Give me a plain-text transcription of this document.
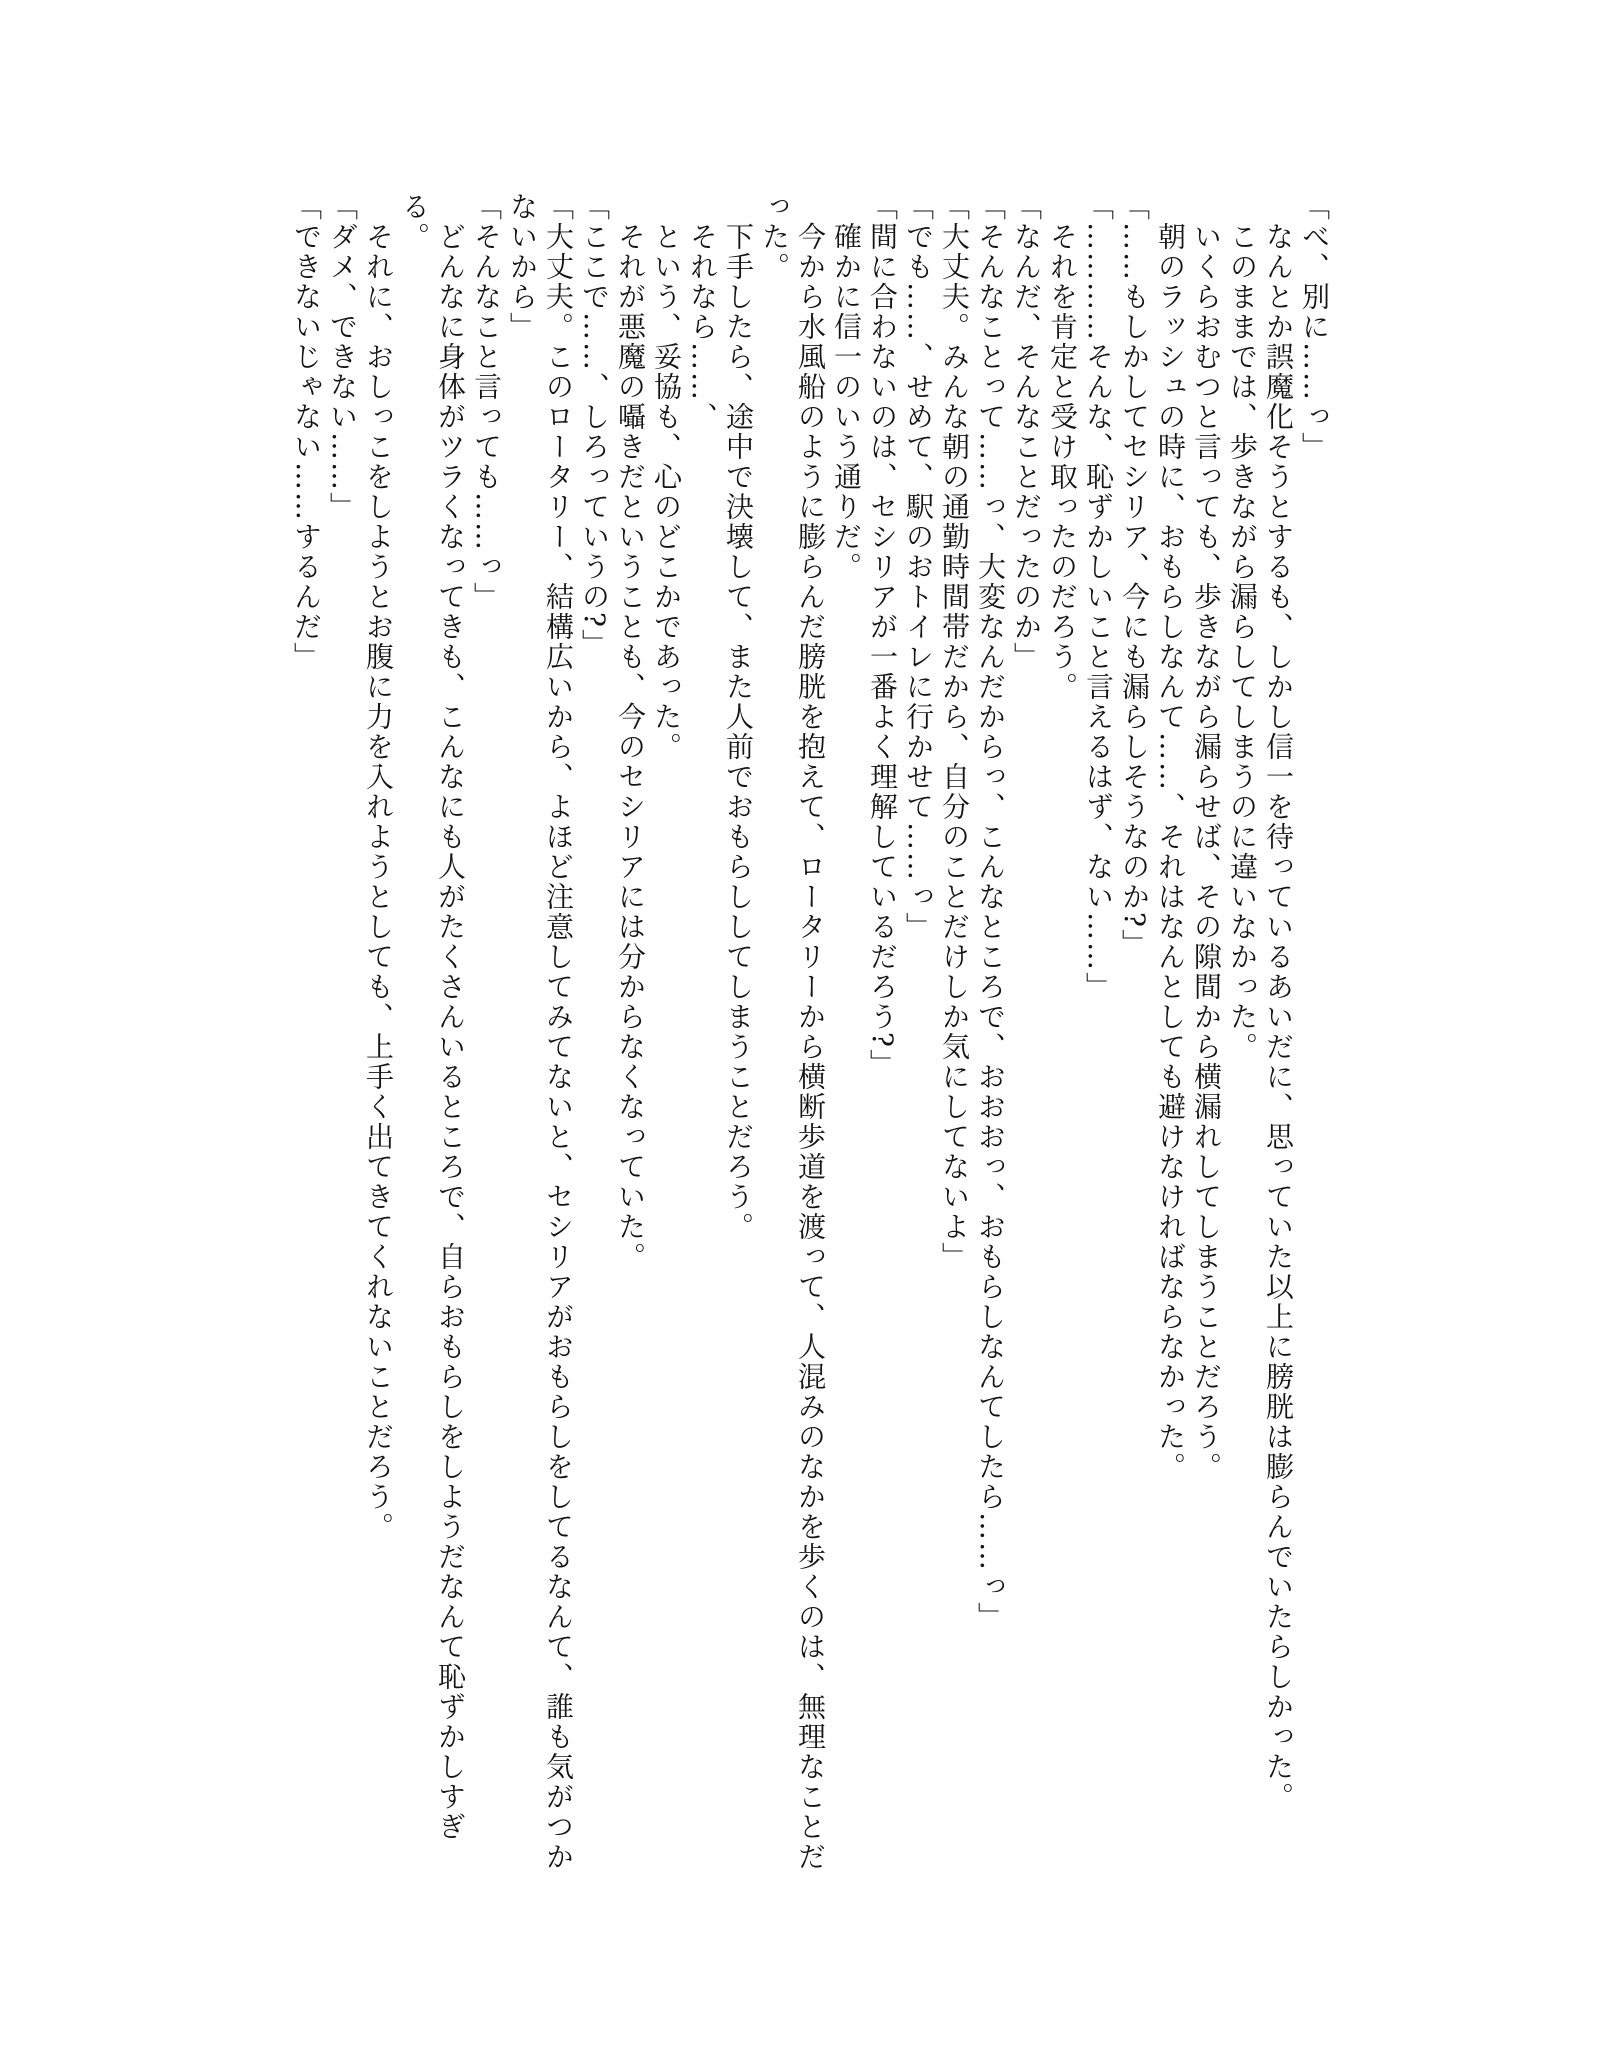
「べ、別に……っ」

なんとか誤魔化そうとするも、しかし信一を待っているあいだに、思っていた以上に膀胱は膨らんでいたらしかった。

このままでは、歩きながら漏らしてしまうのに違いなかった。

いくらおむつと言っても、歩きながら漏らせば、その隙間から横漏れしてしまうことだろう。

朝のラッシュの時に、おもらしなんて……、それはなんとしても避けなければならなかった。

「……もしかしてセシリア、今にも漏らしそうなのか?」

「…………そんな、恥ずかしいこと言えるはず、ない……」

それを肯定と受け取ったのだろう。

「なんだ、そんなことだったのか」

「そんなことって……っ、大変なんだからっ、こんなところで、おおおっ、おもらしなんてしたら……っ」

「大丈夫。みんな朝の通勤時間帯だから、自分のことだけしか気にしてないよ」

「でも……、せめて、駅のおトイレに行かせて……っ」

「間に合わないのは、セシリアが一番よく理解しているだろう?」

確かに信一のいう通りだ。

今から水風船のように膨らんだ膀胱を抱えて、ロータリーから横断歩道を渡って、人混みのなかを歩くのは、無理なことだった。

下手したら、途中で決壊して、また人前でおもらししてしまうことだろう。

それなら……、

という、妥協も、心のどこかであった。

それが悪魔の囁きだということも、今のセシリアには分からなくなっていた。

「ここで……、しろっていうの?」

「大丈夫。このロータリー、結構広いから、よほど注意してみてないと、セシリアがおもらしをしてるなんて、誰も気がつかないから」

「そんなこと言っても……っ」

どんなに身体がツラくなってきも、こんなにも人がたくさんいるところで、自らおもらしをしようだなんて恥ずかしすぎる。

それに、おしっこをしようとお腹に力を入れようとしても、上手く出てきてくれないことだろう。

「ダメ、できない……」

「できないじゃない……するんだ」
